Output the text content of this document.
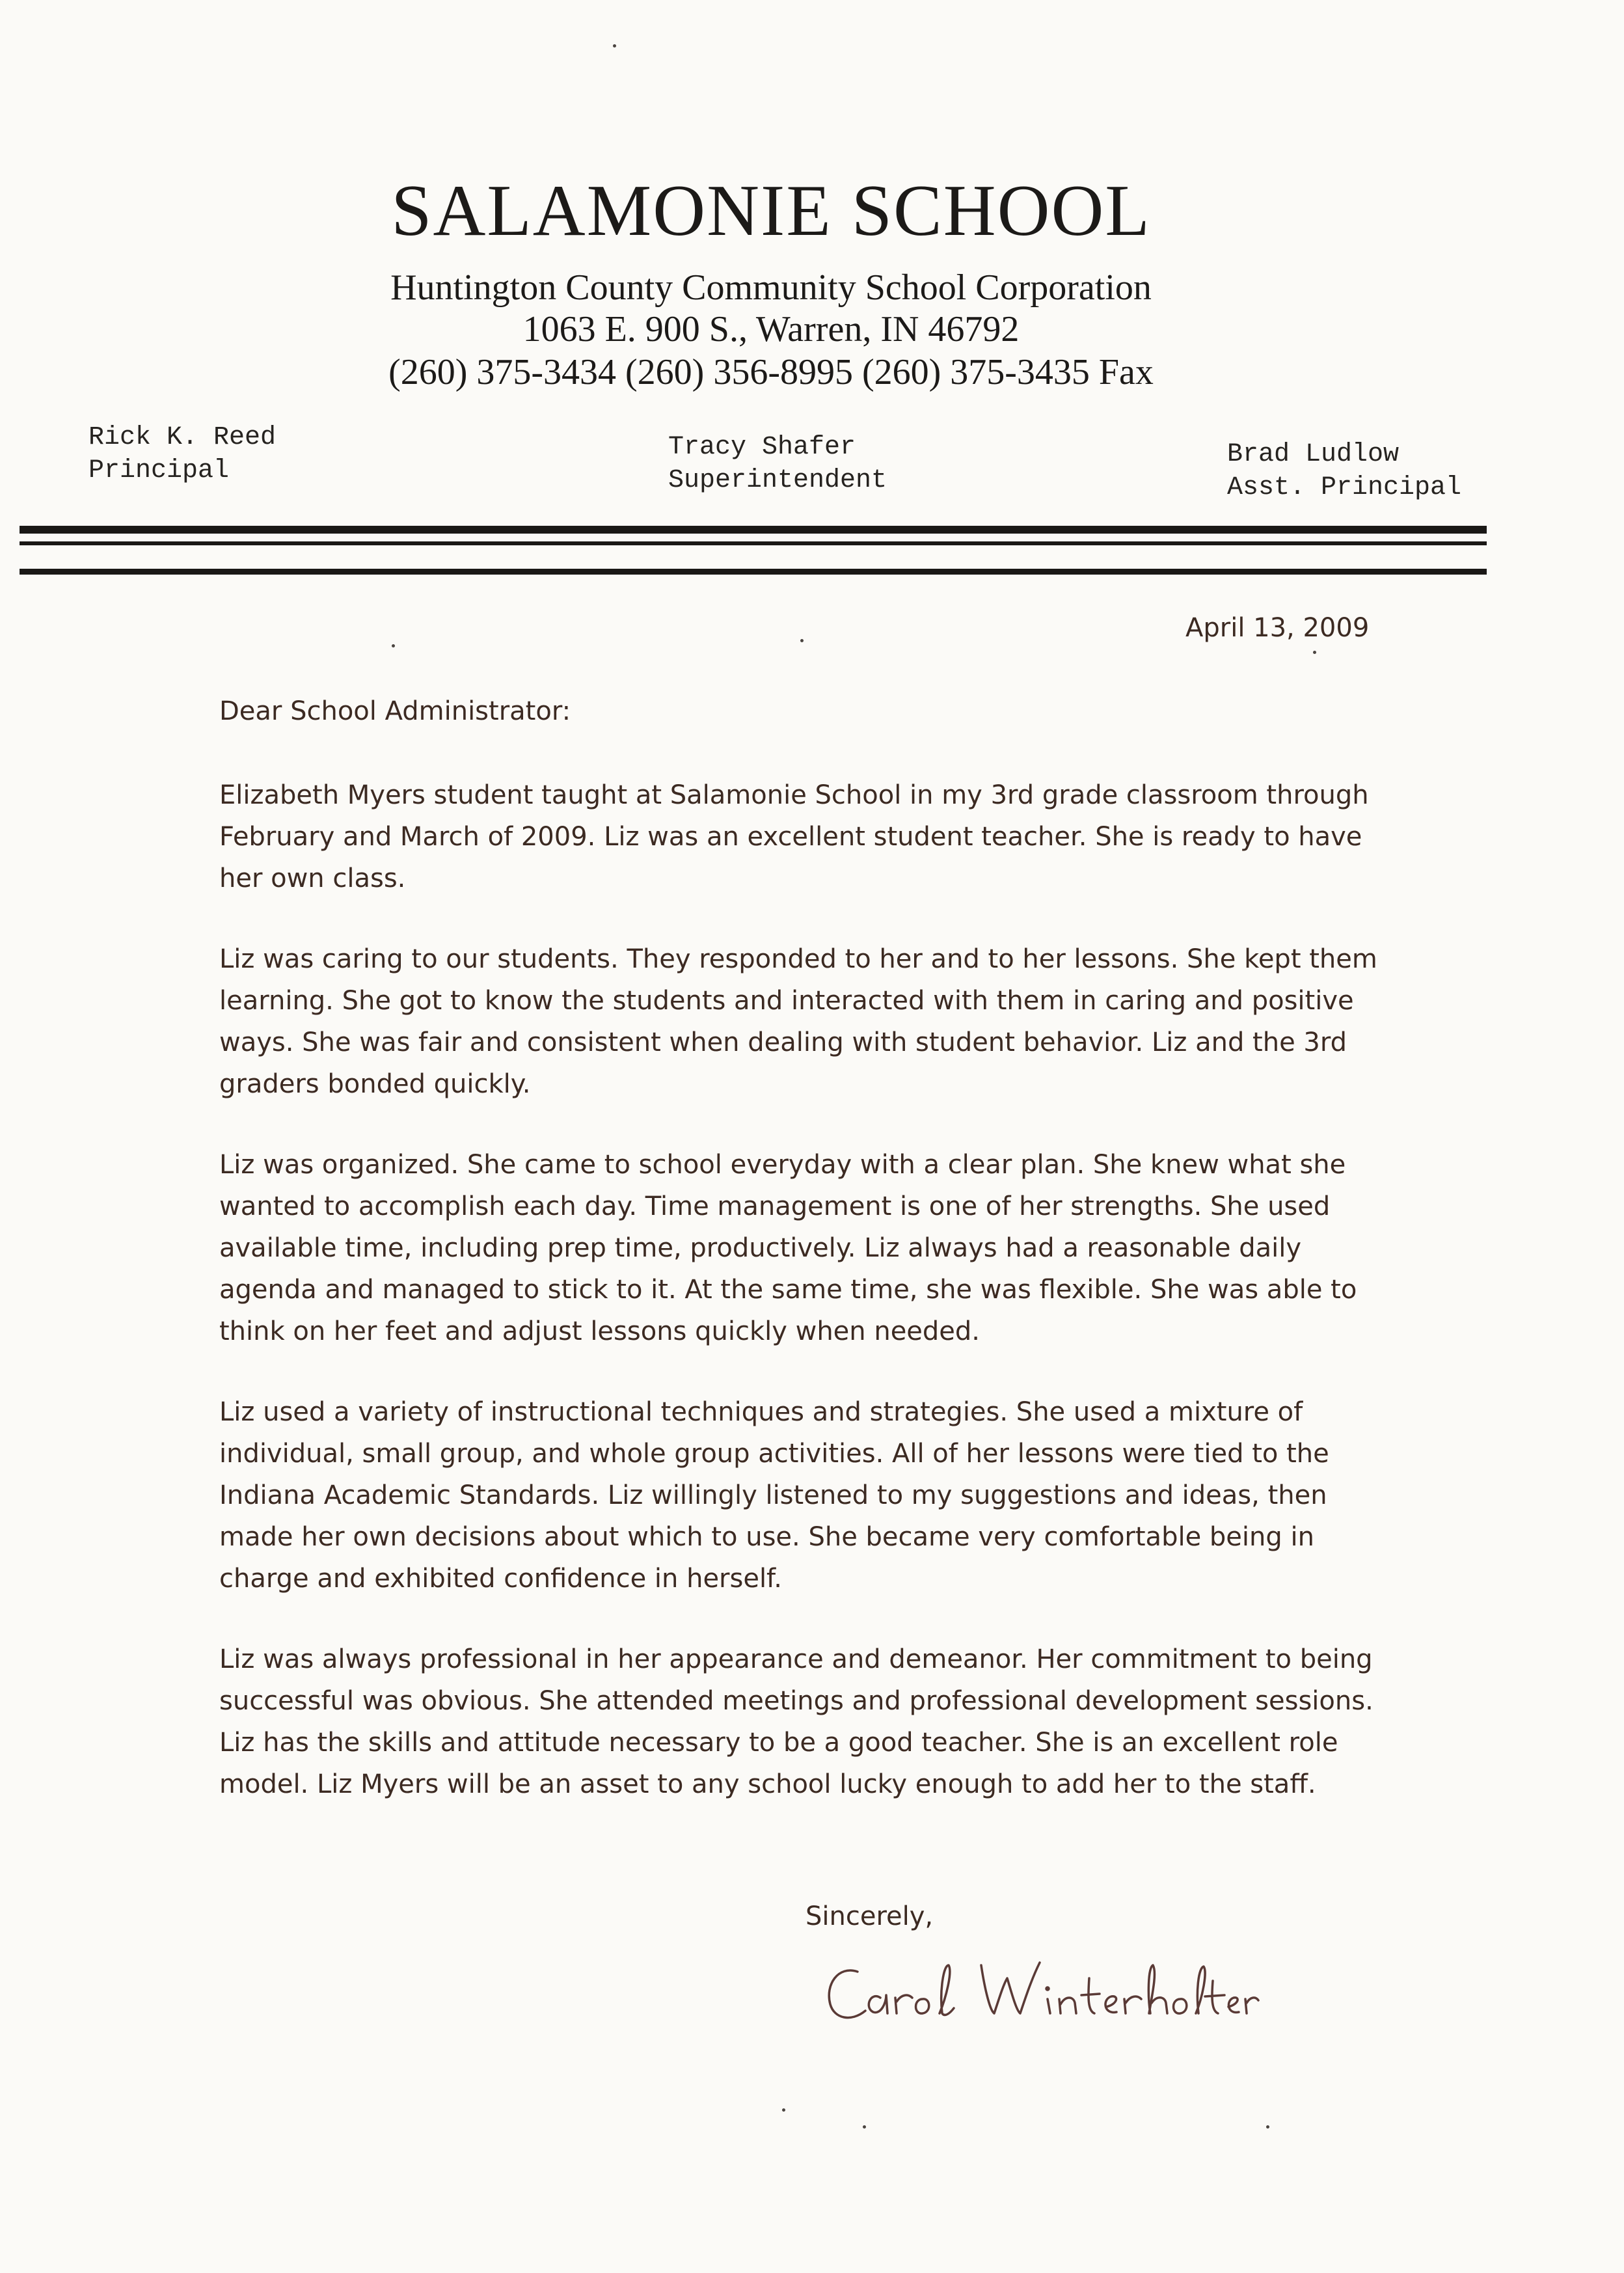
SALAMONIE SCHOOL
Huntington County Community School Corporation
1063 E. 900 S., Warren, IN 46792
(260) 375-3434 (260) 356-8995 (260) 375-3435 Fax
Rick K. Reed
Principal
Tracy Shafer
Superintendent
Brad Ludlow
Asst. Principal
April 13, 2009
Dear School Administrator:

Elizabeth Myers student taught at Salamonie School in my 3rd grade classroom through February and March of 2009. Liz was an excellent student teacher. She is ready to have her own class.

Liz was caring to our students. They responded to her and to her lessons. She kept them learning. She got to know the students and interacted with them in caring and positive ways. She was fair and consistent when dealing with student behavior. Liz and the 3rd graders bonded quickly.

Liz was organized. She came to school everyday with a clear plan. She knew what she wanted to accomplish each day. Time management is one of her strengths. She used available time, including prep time, productively. Liz always had a reasonable daily agenda and managed to stick to it. At the same time, she was flexible. She was able to think on her feet and adjust lessons quickly when needed.

Liz used a variety of instructional techniques and strategies. She used a mixture of individual, small group, and whole group activities. All of her lessons were tied to the Indiana Academic Standards. Liz willingly listened to my suggestions and ideas, then made her own decisions about which to use. She became very comfortable being in charge and exhibited confidence in herself.

Liz was always professional in her appearance and demeanor. Her commitment to being successful was obvious. She attended meetings and professional development sessions. Liz has the skills and attitude necessary to be a good teacher. She is an excellent role model. Liz Myers will be an asset to any school lucky enough to add her to the staff.

Sincerely,
